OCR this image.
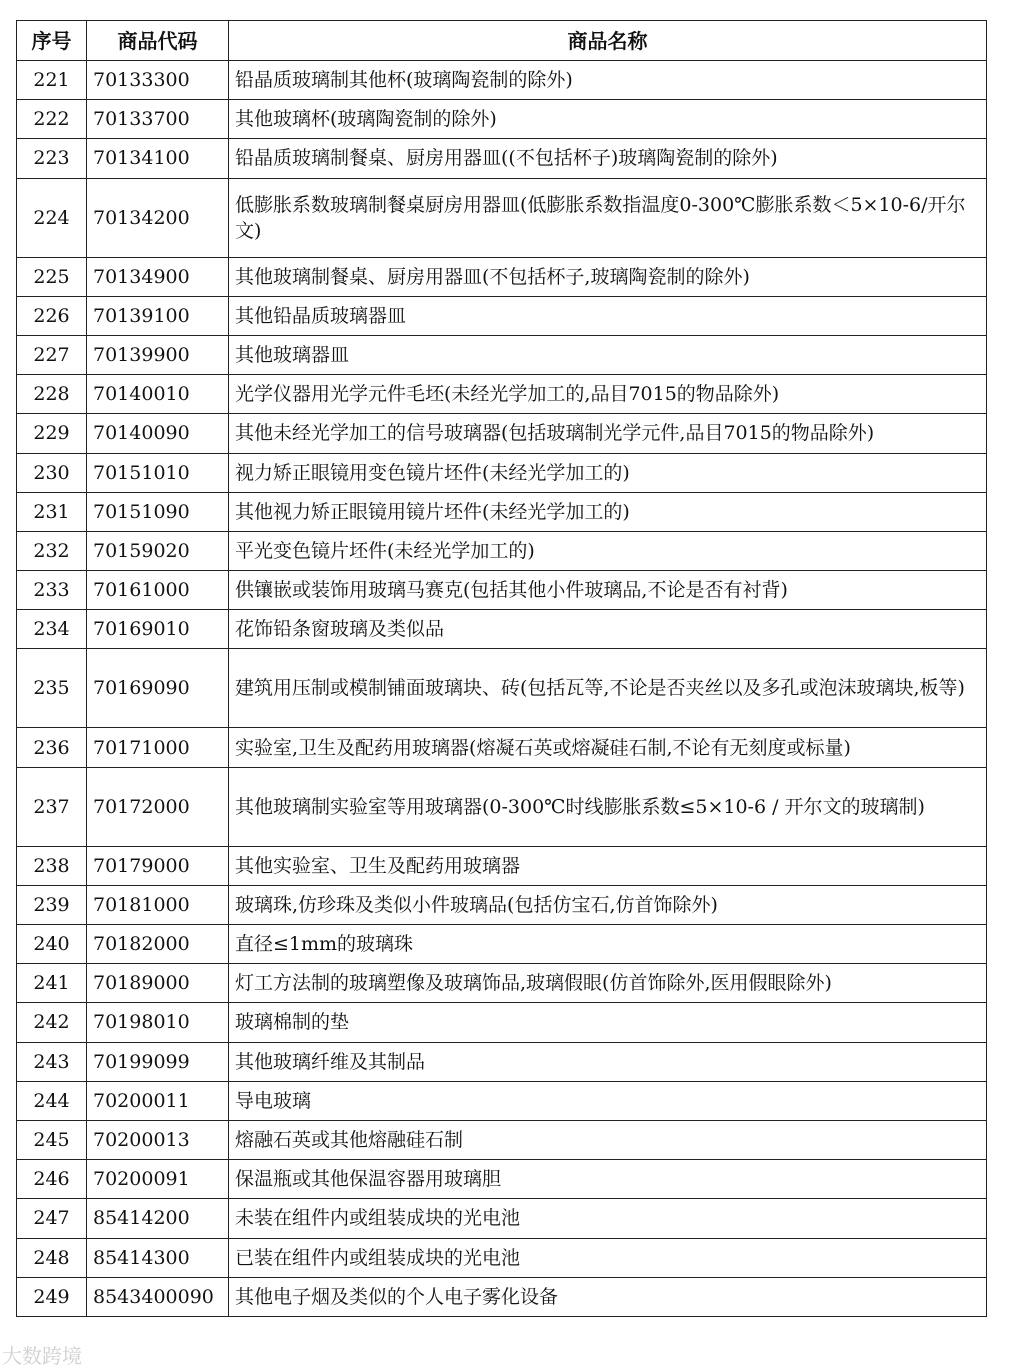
序号	商品代码	商品名称
221	70133300	铅晶质玻璃制其他杯(玻璃陶瓷制的除外)
222	70133700	其他玻璃杯(玻璃陶瓷制的除外)
223	70134100	铅晶质玻璃制餐桌、厨房用器皿((不包括杯子)玻璃陶瓷制的除外)
224	70134200	低膨胀系数玻璃制餐桌厨房用器皿(低膨胀系数指温度0-300℃膨胀系数＜5×10-6/开尔文)
225	70134900	其他玻璃制餐桌、厨房用器皿(不包括杯子,玻璃陶瓷制的除外)
226	70139100	其他铅晶质玻璃器皿
227	70139900	其他玻璃器皿
228	70140010	光学仪器用光学元件毛坯(未经光学加工的,品目7015的物品除外)
229	70140090	其他未经光学加工的信号玻璃器(包括玻璃制光学元件,品目7015的物品除外)
230	70151010	视力矫正眼镜用变色镜片坯件(未经光学加工的)
231	70151090	其他视力矫正眼镜用镜片坯件(未经光学加工的)
232	70159020	平光变色镜片坯件(未经光学加工的)
233	70161000	供镶嵌或装饰用玻璃马赛克(包括其他小件玻璃品,不论是否有衬背)
234	70169010	花饰铅条窗玻璃及类似品
235	70169090	建筑用压制或模制铺面玻璃块、砖(包括瓦等,不论是否夹丝以及多孔或泡沫玻璃块,板等)
236	70171000	实验室,卫生及配药用玻璃器(熔凝石英或熔凝硅石制,不论有无刻度或标量)
237	70172000	其他玻璃制实验室等用玻璃器(0-300℃时线膨胀系数≤5×10-6 / 开尔文的玻璃制)
238	70179000	其他实验室、卫生及配药用玻璃器
239	70181000	玻璃珠,仿珍珠及类似小件玻璃品(包括仿宝石,仿首饰除外)
240	70182000	直径≤1mm的玻璃珠
241	70189000	灯工方法制的玻璃塑像及玻璃饰品,玻璃假眼(仿首饰除外,医用假眼除外)
242	70198010	玻璃棉制的垫
243	70199099	其他玻璃纤维及其制品
244	70200011	导电玻璃
245	70200013	熔融石英或其他熔融硅石制
246	70200091	保温瓶或其他保温容器用玻璃胆
247	85414200	未装在组件内或组装成块的光电池
248	85414300	已装在组件内或组装成块的光电池
249	8543400090	其他电子烟及类似的个人电子雾化设备
大数跨境
